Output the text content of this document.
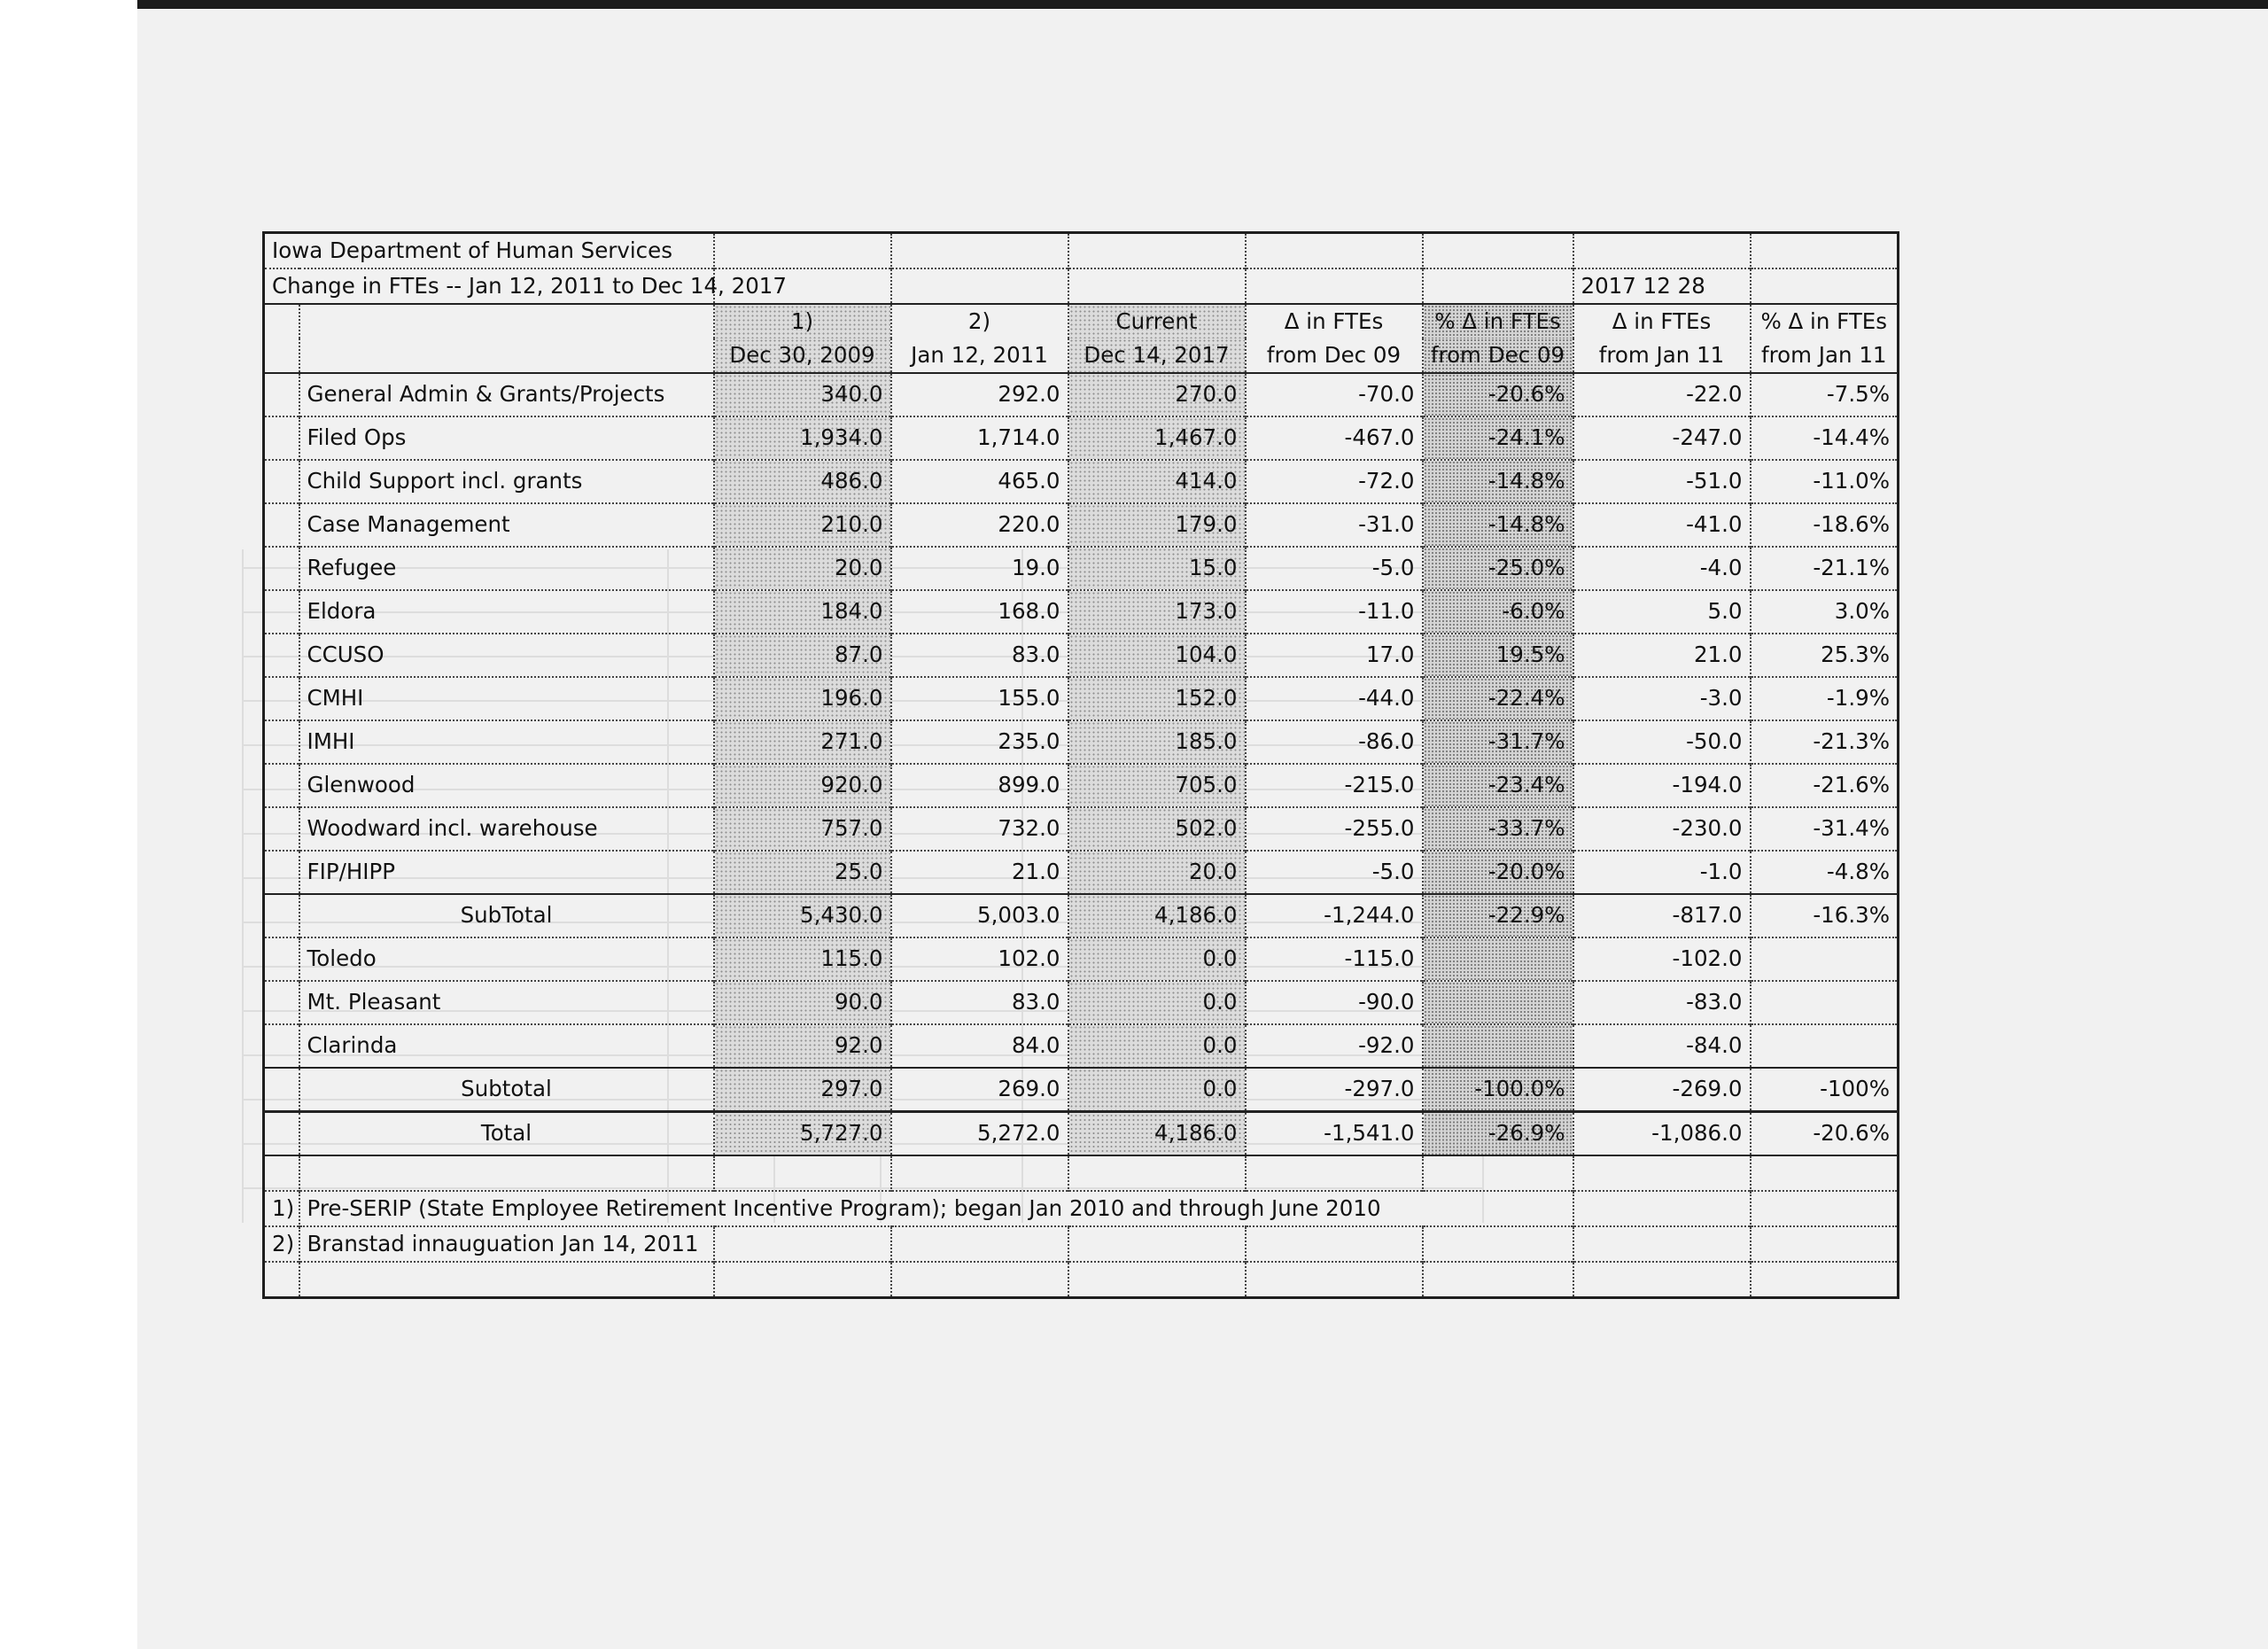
Iowa Department of Human Services								
Change in FTEs -- Jan 12, 2011 to Dec 14, 2017							2017 12 28	
		1)	2)	Current	Δ in FTEs	% Δ in FTEs	Δ in FTEs	% Δ in FTEs
		Dec 30, 2009	Jan 12, 2011	Dec 14, 2017	from Dec 09	from Dec 09	from Jan 11	from Jan 11
	General Admin & Grants/Projects	340.0	292.0	270.0	-70.0	-20.6%	-22.0	-7.5%
	Filed Ops	1,934.0	1,714.0	1,467.0	-467.0	-24.1%	-247.0	-14.4%
	Child Support incl. grants	486.0	465.0	414.0	-72.0	-14.8%	-51.0	-11.0%
	Case Management	210.0	220.0	179.0	-31.0	-14.8%	-41.0	-18.6%
	Refugee	20.0	19.0	15.0	-5.0	-25.0%	-4.0	-21.1%
	Eldora	184.0	168.0	173.0	-11.0	-6.0%	5.0	3.0%
	CCUSO	87.0	83.0	104.0	17.0	19.5%	21.0	25.3%
	CMHI	196.0	155.0	152.0	-44.0	-22.4%	-3.0	-1.9%
	IMHI	271.0	235.0	185.0	-86.0	-31.7%	-50.0	-21.3%
	Glenwood	920.0	899.0	705.0	-215.0	-23.4%	-194.0	-21.6%
	Woodward incl. warehouse	757.0	732.0	502.0	-255.0	-33.7%	-230.0	-31.4%
	FIP/HIPP	25.0	21.0	20.0	-5.0	-20.0%	-1.0	-4.8%
	SubTotal	5,430.0	5,003.0	4,186.0	-1,244.0	-22.9%	-817.0	-16.3%
	Toledo	115.0	102.0	0.0	-115.0		-102.0	
	Mt. Pleasant	90.0	83.0	0.0	-90.0		-83.0	
	Clarinda	92.0	84.0	0.0	-92.0		-84.0	
	Subtotal	297.0	269.0	0.0	-297.0	-100.0%	-269.0	-100%
	Total	5,727.0	5,272.0	4,186.0	-1,541.0	-26.9%	-1,086.0	-20.6%

1)	Pre-SERIP (State Employee Retirement Incentive Program); began Jan 2010 and through June 2010							
2)	Branstad innauguation Jan 14, 2011							
